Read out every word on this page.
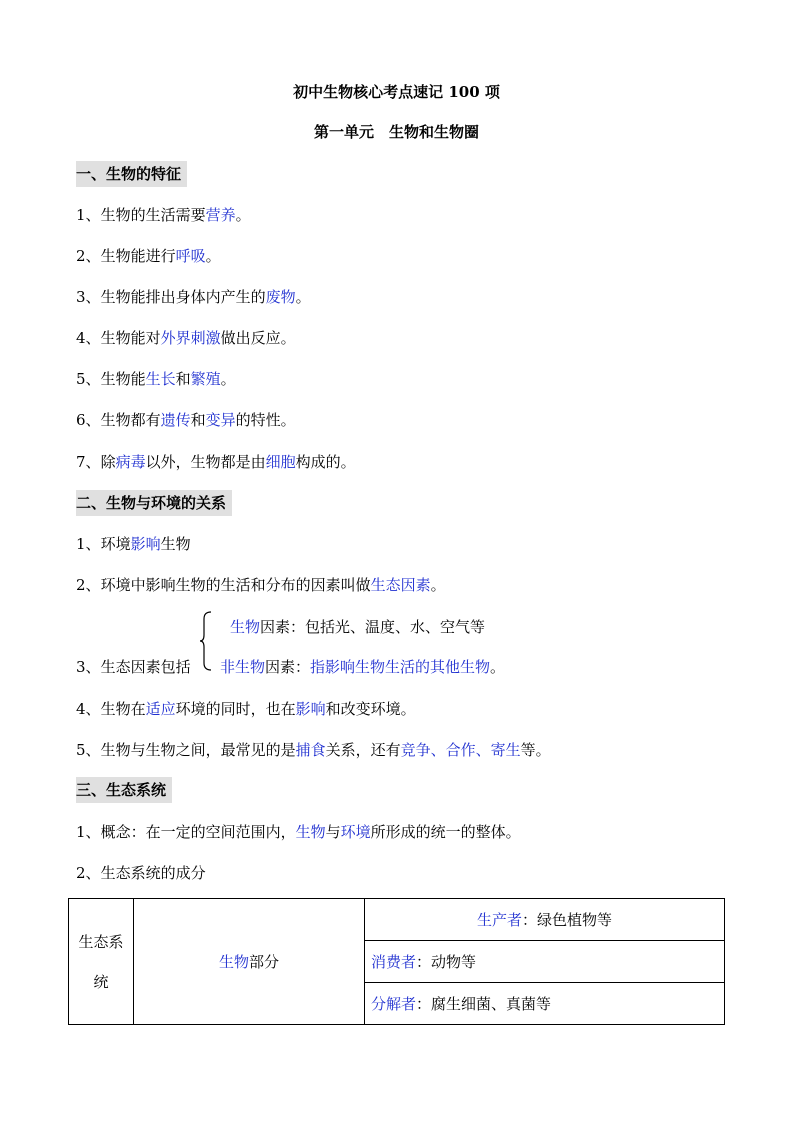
初中生物核心考点速记 100 项
第一单元　生物和生物圈
一、生物的特征
1、生物的生活需要营养。
2、生物能进行呼吸。
3、生物能排出身体内产生的废物。
4、生物能对外界刺激做出反应。
5、生物能生长和繁殖。
6、生物都有遗传和变异的特性。
7、除病毒以外，生物都是由细胞构成的。
二、生物与环境的关系
1、环境影响生物
2、环境中影响生物的生活和分布的因素叫做生态因素。
生物因素：包括光、温度、水、空气等
3、生态因素包括 非生物因素：指影响生物生活的其他生物。
4、生物在适应环境的同时，也在影响和改变环境。
5、生物与生物之间，最常见的是捕食关系，还有竞争、合作、寄生等。
三、生态系统
1、概念：在一定的空间范围内，生物与环境所形成的统一的整体。
2、生态系统的成分
生态系统	生物部分	生产者：绿色植物等
消费者：动物等
分解者：腐生细菌、真菌等
